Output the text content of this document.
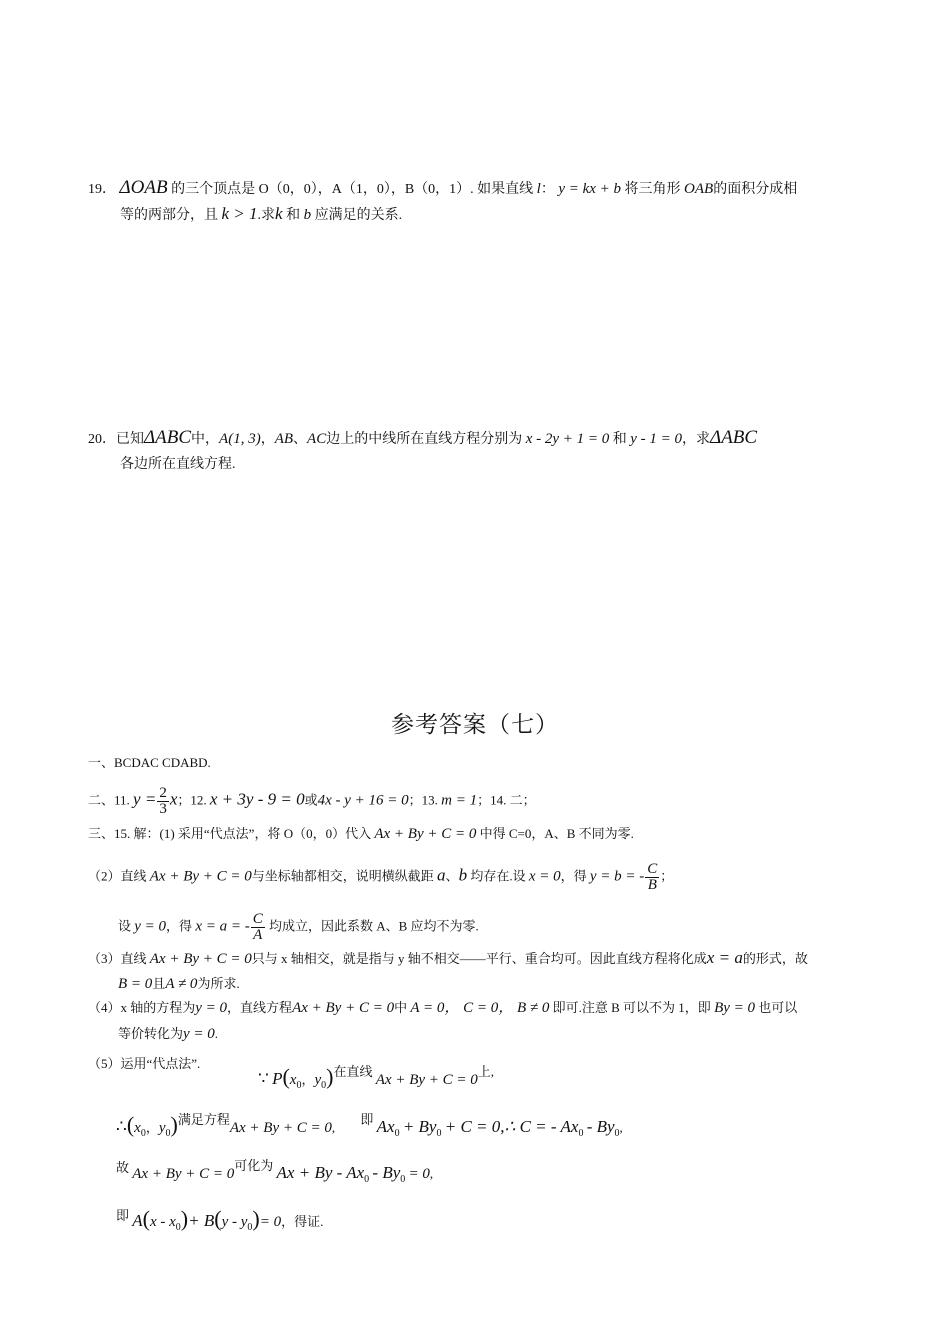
19． ΔOAB 的三个顶点是 O（0，0），A（1，0），B（0，1）. 如果直线 l： y = kx + b 将三角形 OAB的面积分成相
等的两部分，且 k > 1.求k 和 b 应满足的关系.
20．已知ΔABC中，A(1, 3)，AB、AC边上的中线所在直线方程分别为 x - 2y + 1 = 0 和 y - 1 = 0，求ΔABC
各边所在直线方程.
参考答案（七）
一、BCDAC CDABD.
二、11. $y = \frac{2}{3}$ x；12. x + 3y - 9 = 0或4x - y + 16 = 0；13. m = 1；14. 二；
三、15. 解：(1) 采用“代点法”，将 O（0，0）代入 Ax + By + C = 0 中得 C=0，A、B 不同为零.
（2）直线 Ax + By + C = 0与坐标轴都相交，说明横纵截距 a、b 均存在.设 x = 0，得 y = b = - $\frac{C}{B}$ ；
设 y = 0，得 x = a = - $\frac{C}{A}$ 均成立，因此系数 A、B 应均不为零.
（3）直线 Ax + By + C = 0只与 x 轴相交，就是指与 y 轴不相交——平行、重合均可。因此直线方程将化成x = a的形式，故
B = 0且A ≠ 0为所求.
（4）x 轴的方程为y = 0，直线方程Ax + By + C = 0中 A = 0， C = 0， B ≠ 0 即可.注意 B 可以不为 1，即 By = 0 也可以
等价转化为y = 0.
（5）运用“代点法”.
∵ $P(x_0$，$y_0$)在直线 Ax + By + C = 0上,
$\therefore(x_0$，$y_0$)满足方程Ax + By + C = 0, 即 $Ax_0 + By_0 + C$ = 0,∴ C = - $Ax_0 - By_0$,
故 Ax + By + C = 0可化为 $Ax + By - Ax_0 - By_0 = 0$,
即 $A(x - x_0)+ B(y - y_0)= 0$，得证.
